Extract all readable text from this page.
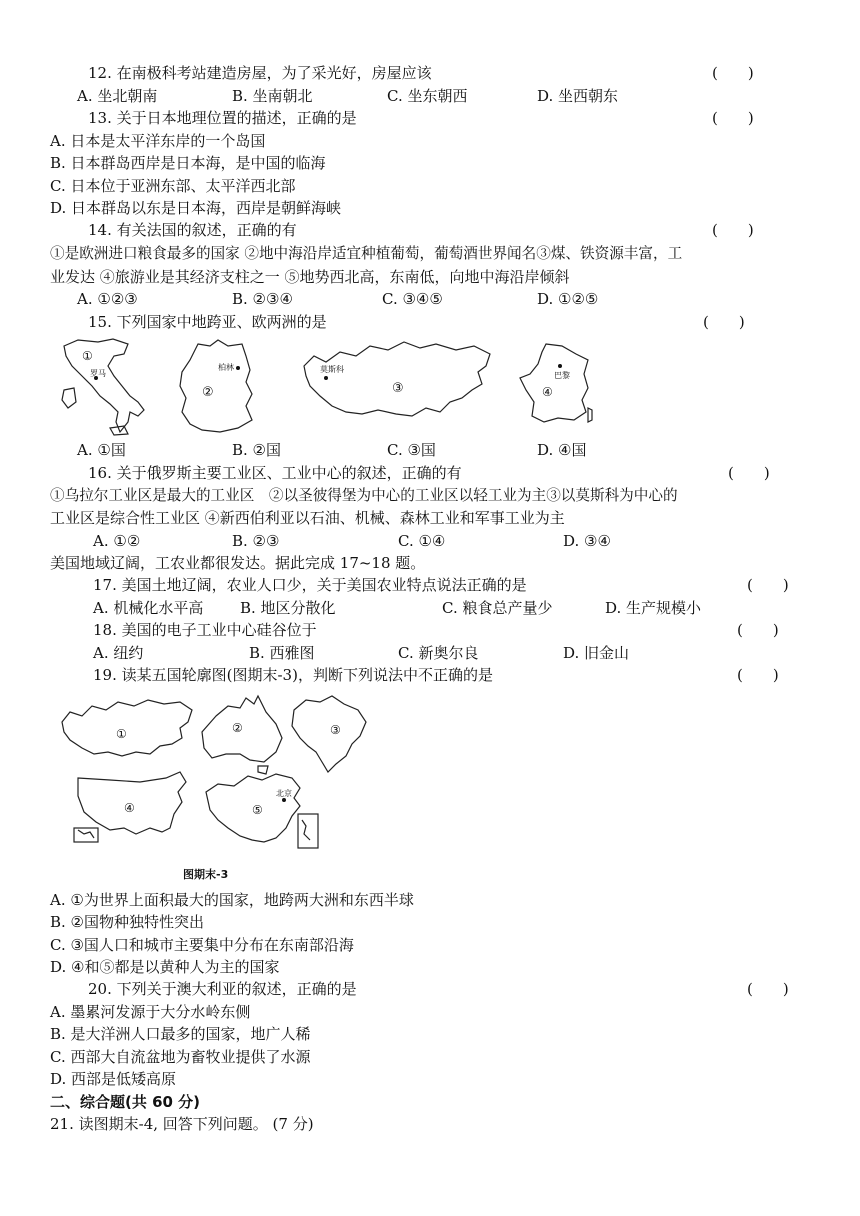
12. 在南极科考站建造房屋，为了采光好，房屋应该	(　　)
A. 坐北朝南	B. 坐南朝北	C. 坐东朝西	D. 坐西朝东
13. 关于日本地理位置的描述，正确的是	(　　)
A. 日本是太平洋东岸的一个岛国
B. 日本群岛西岸是日本海，是中国的临海
C. 日本位于亚洲东部、太平洋西北部
D. 日本群岛以东是日本海，西岸是朝鲜海峡
14. 有关法国的叙述，正确的有	(　　)
①是欧洲进口粮食最多的国家 ②地中海沿岸适宜种植葡萄，葡萄酒世界闻名③煤、铁资源丰富，工
业发达 ④旅游业是其经济支柱之一 ⑤地势西北高，东南低，向地中海沿岸倾斜
A. ①②③	B. ②③④	C. ③④⑤	D. ①②⑤
15. 下列国家中地跨亚、欧两洲的是	(　　)
①
罗马
柏林
②
莫斯科
③
巴黎
④
A. ①国	B. ②国	C. ③国	D. ④国
16. 关于俄罗斯主要工业区、工业中心的叙述，正确的有	(　　)
①乌拉尔工业区是最大的工业区　②以圣彼得堡为中心的工业区以轻工业为主③以莫斯科为中心的
工业区是综合性工业区 ④新西伯利亚以石油、机械、森林工业和军事工业为主
A. ①②	B. ②③	C. ①④	D. ③④
美国地域辽阔，工农业都很发达。据此完成 17~18 题。
17. 美国土地辽阔，农业人口少，关于美国农业特点说法正确的是	(　　)
A. 机械化水平高 B. 地区分散化	C. 粮食总产量少	D. 生产规模小
18. 美国的电子工业中心硅谷位于	(　　)
A. 纽约	B. 西雅图	C. 新奥尔良	D. 旧金山
19. 读某五国轮廓图(图期末-3)，判断下列说法中不正确的是	(　　)
①	②	③
④
北京
⑤
图期末-3
A. ①为世界上面积最大的国家，地跨两大洲和东西半球
B. ②国物种独特性突出
C. ③国人口和城市主要集中分布在东南部沿海
D. ④和⑤都是以黄种人为主的国家
20. 下列关于澳大利亚的叙述，正确的是	(　　)
A. 墨累河发源于大分水岭东侧
B. 是大洋洲人口最多的国家，地广人稀
C. 西部大自流盆地为畜牧业提供了水源
D. 西部是低矮高原
二、综合题(共 60 分)
21. 读图期末-4, 回答下列问题。 (7 分)
